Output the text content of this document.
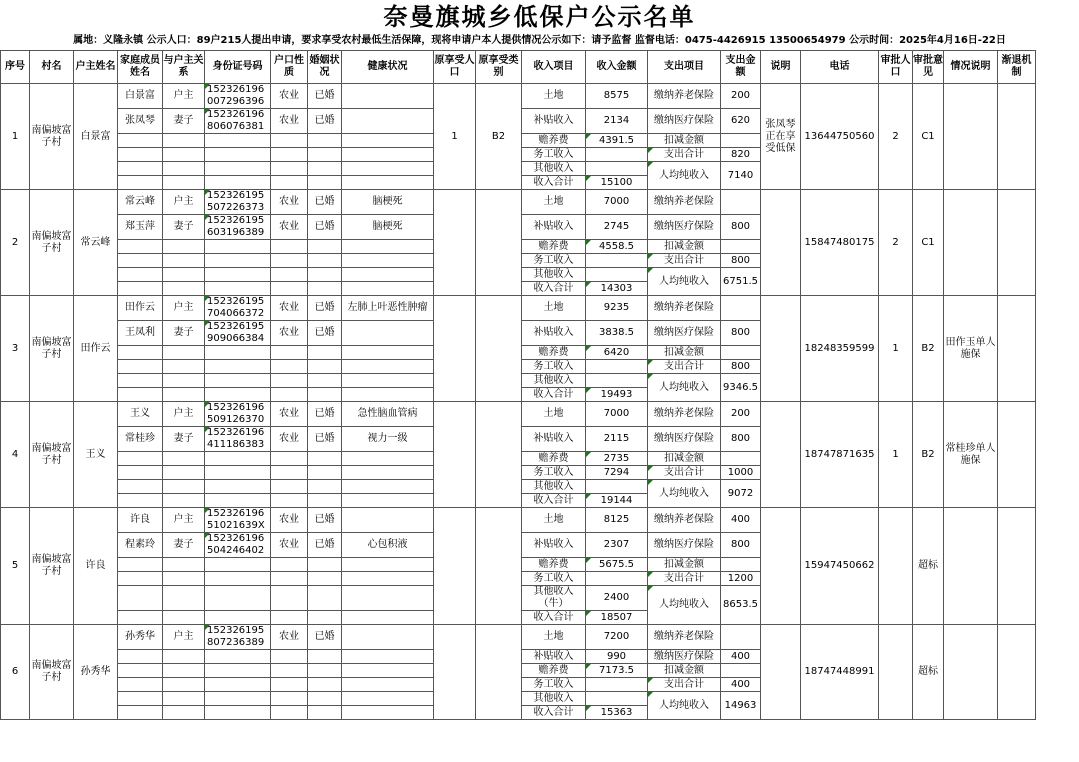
奈曼旗城乡低保户公示名单
属地：义隆永镇 公示人口：89户215人提出申请，要求享受农村最低生活保障，现将申请户本人提供情况公示如下：请予监督 监督电话：0475-4426915 13500654979 公示时间：2025年4月16日-22日
序号	村名	户主姓名	家庭成员姓名	与户主关系	身份证号码	户口性质	婚姻状况	健康状况	原享受人口	原享受类别	收入项目	收入金额	支出项目	支出金额	说明	电话	审批人口	审批意见	情况说明	渐退机制
1	南偏坡富子村	白景富	白景富	户主	152326196007296396	农业	已婚		1	B2	土地	8575	缴纳养老保险	200	张凤琴正在享受低保	13644750560	2	C1		

			张凤琴	妻子	152326196806076381	农业	已婚				补贴收入	2134	缴纳医疗保险	620						

											赡养费	4391.5	扣减金额							
											务工收入		支出合计	820						
											其他收入		人均纯收入	7140						
											收入合计	15100								
2	南偏坡富子村	常云峰	常云峰	户主	152326195507226373	农业	已婚	脑梗死			土地	7000	缴纳养老保险			15847480175	2	C1		

			郑玉萍	妻子	152326195603196389	农业	已婚	脑梗死			补贴收入	2745	缴纳医疗保险	800						

											赡养费	4558.5	扣减金额							
											务工收入		支出合计	800						
											其他收入		人均纯收入	6751.5						
											收入合计	14303								
3	南偏坡富子村	田作云	田作云	户主	152326195704066372	农业	已婚	左肺上叶恶性肿瘤			土地	9235	缴纳养老保险			18248359599	1	B2	田作玉单人施保	

			王凤利	妻子	152326195909066384	农业	已婚				补贴收入	3838.5	缴纳医疗保险	800						

											赡养费	6420	扣减金额							
											务工收入		支出合计	800						
											其他收入		人均纯收入	9346.5						
											收入合计	19493								
4	南偏坡富子村	王义	王义	户主	152326196509126370	农业	已婚	急性脑血管病			土地	7000	缴纳养老保险	200		18747871635	1	B2	常桂珍单人施保	

			常桂珍	妻子	152326196411186383	农业	已婚	视力一级			补贴收入	2115	缴纳医疗保险	800						

											赡养费	2735	扣减金额							
											务工收入	7294	支出合计	1000						
											其他收入		人均纯收入	9072						
											收入合计	19144								
5	南偏坡富子村	许良	许良	户主	15232619651021639X	农业	已婚				土地	8125	缴纳养老保险	400		15947450662		超标		

			程素玲	妻子	152326196504246402	农业	已婚	心包积液			补贴收入	2307	缴纳医疗保险	800						

											赡养费	5675.5	扣减金额							
											务工收入		支出合计	1200						
											其他收入（牛）	2400	人均纯收入	8653.5						
											收入合计	18507								
6	南偏坡富子村	孙秀华	孙秀华	户主	152326195807236389	农业	已婚				土地	7200	缴纳养老保险			18747448991		超标		

											补贴收入	990	缴纳医疗保险	400						

											赡养费	7173.5	扣减金额							
											务工收入		支出合计	400						
											其他收入		人均纯收入	14963						
											收入合计	15363								
